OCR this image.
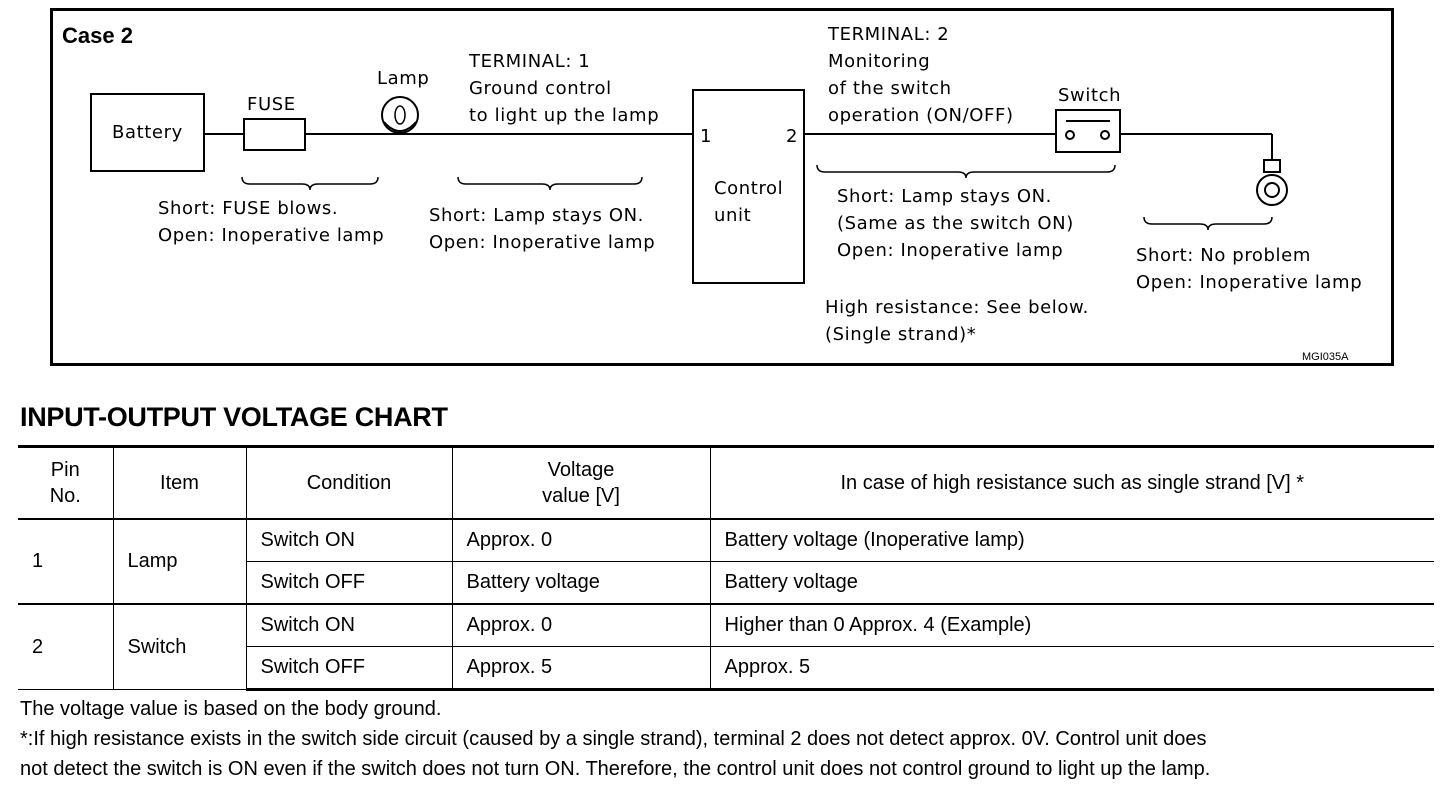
Case 2
Battery
FUSE
Lamp
TERMINAL: 1
Ground control
to light up the lamp
1	2
Control
unit
TERMINAL: 2
Monitoring
of the switch
operation (ON/OFF)
Switch
Short: FUSE blows.
Open: Inoperative lamp
Short: Lamp stays ON.
Open: Inoperative lamp
Short: Lamp stays ON.
(Same as the switch ON)
Open: Inoperative lamp	Short: No problem
Open: Inoperative lamp
High resistance: See below.
(Single strand)*
MGI035A
INPUT-OUTPUT VOLTAGE CHART
Pin
No.	Item	Condition	Voltage
value [V]	In case of high resistance such as single strand [V] *
1	Lamp	Switch ON	Approx. 0	Battery voltage (Inoperative lamp)
		Switch OFF	Battery voltage	Battery voltage
2	Switch	Switch ON	Approx. 0	Higher than 0 Approx. 4 (Example)
		Switch OFF	Approx. 5	Approx. 5
The voltage value is based on the body ground.
*:If high resistance exists in the switch side circuit (caused by a single strand), terminal 2 does not detect approx. 0V. Control unit does
not detect the switch is ON even if the switch does not turn ON. Therefore, the control unit does not control ground to light up the lamp.
